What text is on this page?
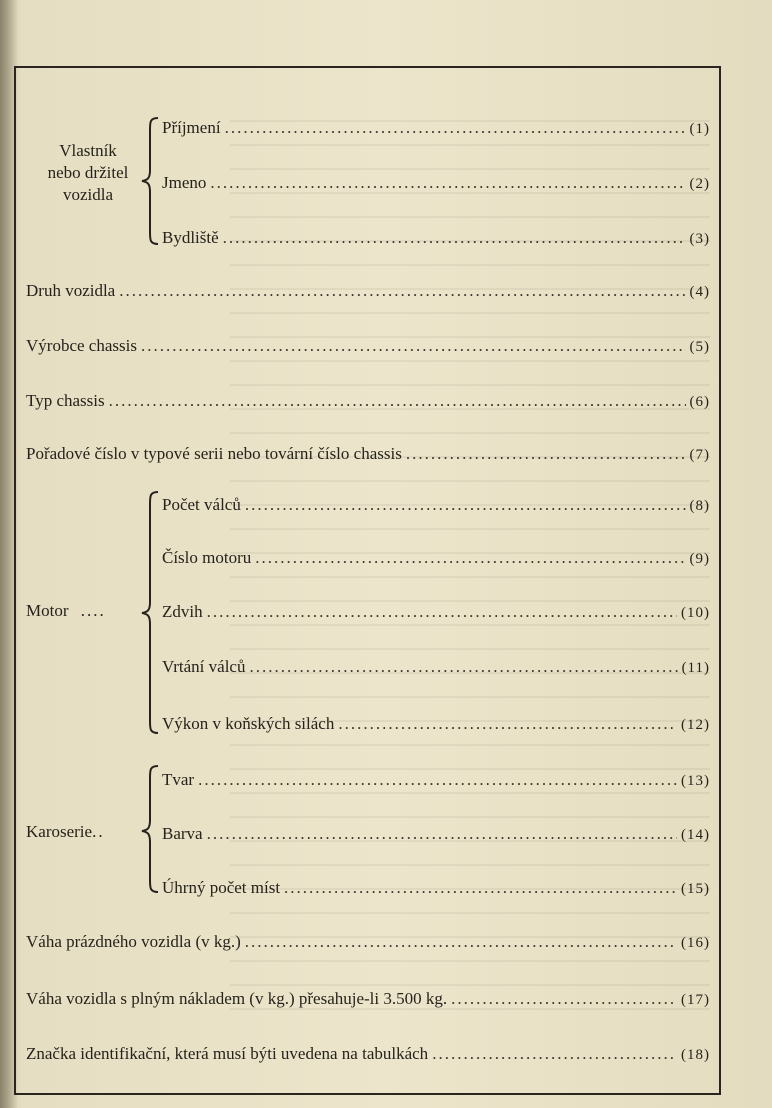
Vlastník
nebo držitel
vozidla
Příjmení .....	(1)
Jmeno .....	(2)
Bydliště .....	(3)
Druh vozidla .....	(4)
Výrobce chassis .....	(5)
Typ chassis .....	(6)
Pořadové číslo v typové serii nebo tovární číslo chassis .....	(7)
Motor ....
Počet válců .....	(8)
Číslo motoru .....	(9)
Zdvih .....	(10)
Vrtání válců .....	(11)
Výkon v koňských silách .....	(12)
Karoserie..
Tvar .....	(13)
Barva .....	(14)
Úhrný počet míst .....	(15)
Váha prázdného vozidla (v kg.) .....	(16)
Váha vozidla s plným nákladem (v kg.) přesahuje-li 3.500 kg. .....	(17)
Značka identifikační, která musí býti uvedena na tabulkách .....	(18)
